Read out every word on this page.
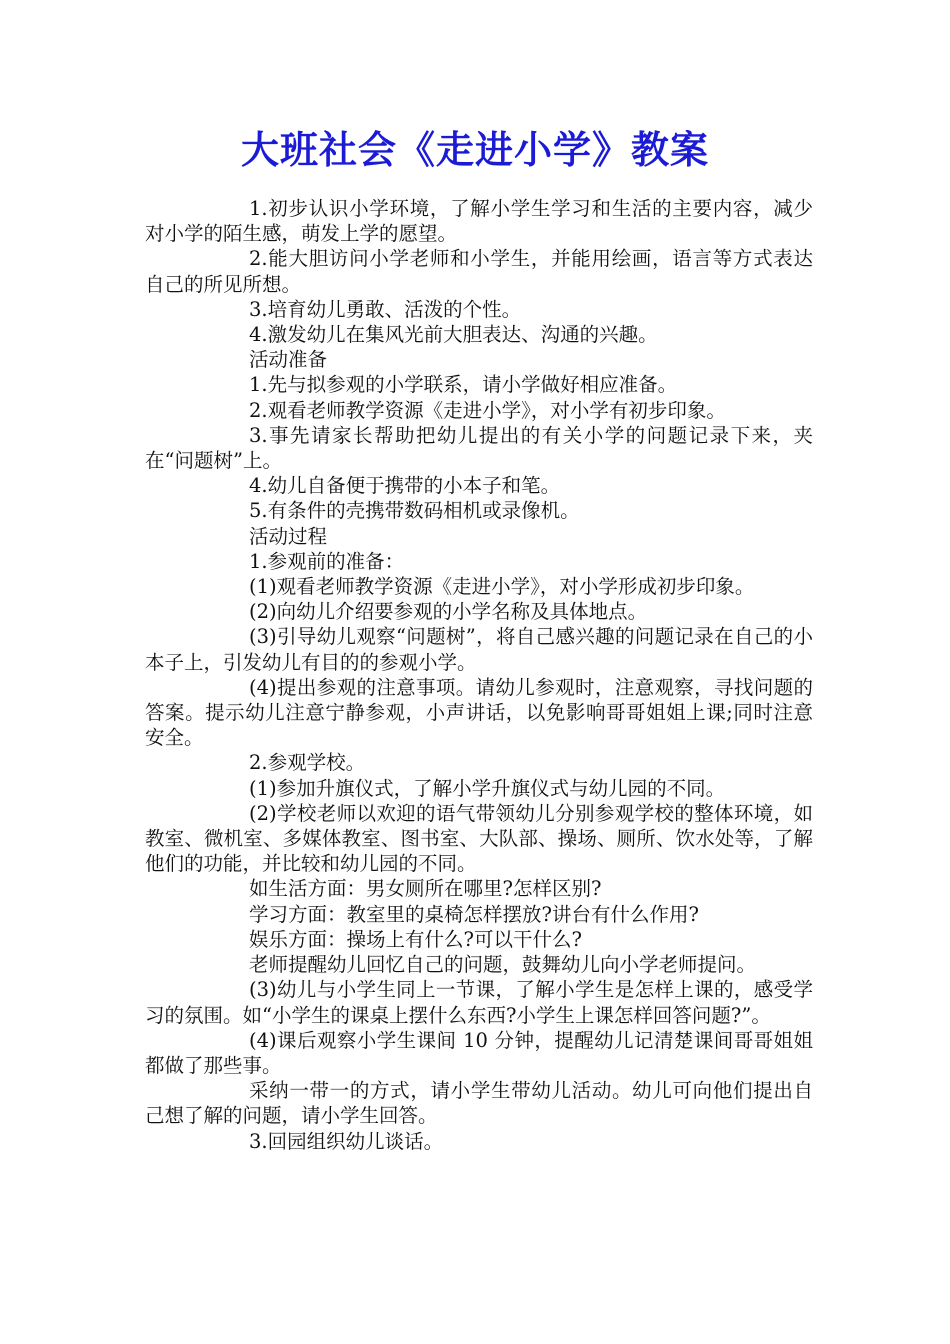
大班社会《走进小学》教案

1.初步认识小学环境，了解小学生学习和生活的主要内容，减少对小学的陌生感，萌发上学的愿望。

2.能大胆访问小学老师和小学生，并能用绘画，语言等方式表达自己的所见所想。

3.培育幼儿勇敢、活泼的个性。

4.激发幼儿在集风光前大胆表达、沟通的兴趣。

活动准备

1.先与拟参观的小学联系，请小学做好相应准备。

2.观看老师教学资源《走进小学》，对小学有初步印象。

3.事先请家长帮助把幼儿提出的有关小学的问题记录下来，夹在“问题树”上。

4.幼儿自备便于携带的小本子和笔。

5.有条件的壳携带数码相机或录像机。

活动过程

1.参观前的准备：

(1)观看老师教学资源《走进小学》，对小学形成初步印象。

(2)向幼儿介绍要参观的小学名称及具体地点。

(3)引导幼儿观察“问题树”，将自己感兴趣的问题记录在自己的小本子上，引发幼儿有目的的参观小学。

(4)提出参观的注意事项。请幼儿参观时，注意观察，寻找问题的答案。提示幼儿注意宁静参观，小声讲话，以免影响哥哥姐姐上课;同时注意安全。

2.参观学校。

(1)参加升旗仪式，了解小学升旗仪式与幼儿园的不同。

(2)学校老师以欢迎的语气带领幼儿分别参观学校的整体环境，如教室、微机室、多媒体教室、图书室、大队部、操场、厕所、饮水处等，了解他们的功能，并比较和幼儿园的不同。

如生活方面：男女厕所在哪里?怎样区别?

学习方面：教室里的桌椅怎样摆放?讲台有什么作用?

娱乐方面：操场上有什么?可以干什么?

老师提醒幼儿回忆自己的问题，鼓舞幼儿向小学老师提问。

(3)幼儿与小学生同上一节课，了解小学生是怎样上课的，感受学习的氛围。如“小学生的课桌上摆什么东西?小学生上课怎样回答问题?”。

(4)课后观察小学生课间 10 分钟，提醒幼儿记清楚课间哥哥姐姐都做了那些事。

采纳一带一的方式，请小学生带幼儿活动。幼儿可向他们提出自己想了解的问题，请小学生回答。

3.回园组织幼儿谈话。
